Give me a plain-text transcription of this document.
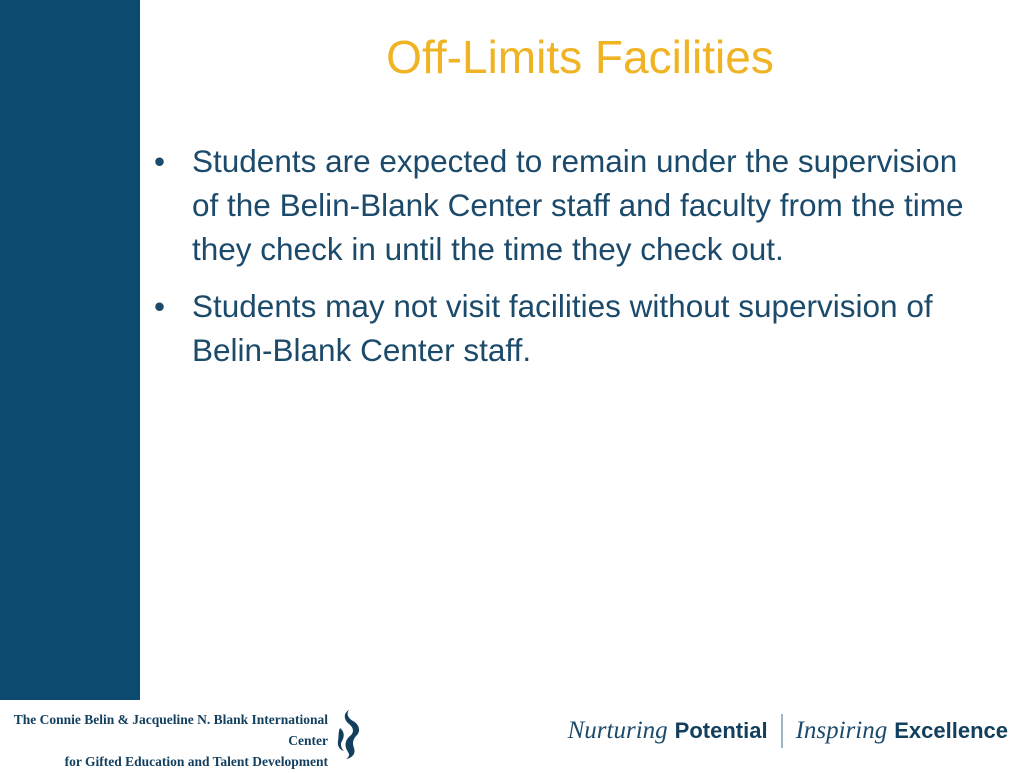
Off-Limits Facilities
• Students are expected to remain under the supervision of the Belin-Blank Center staff and faculty from the time they check in until the time they check out.
• Students may not visit facilities without supervision of Belin-Blank Center staff.
The Connie Belin & Jacqueline N. Blank International Center
for Gifted Education and Talent Development
Nurturing Potential Inspiring Excellence
